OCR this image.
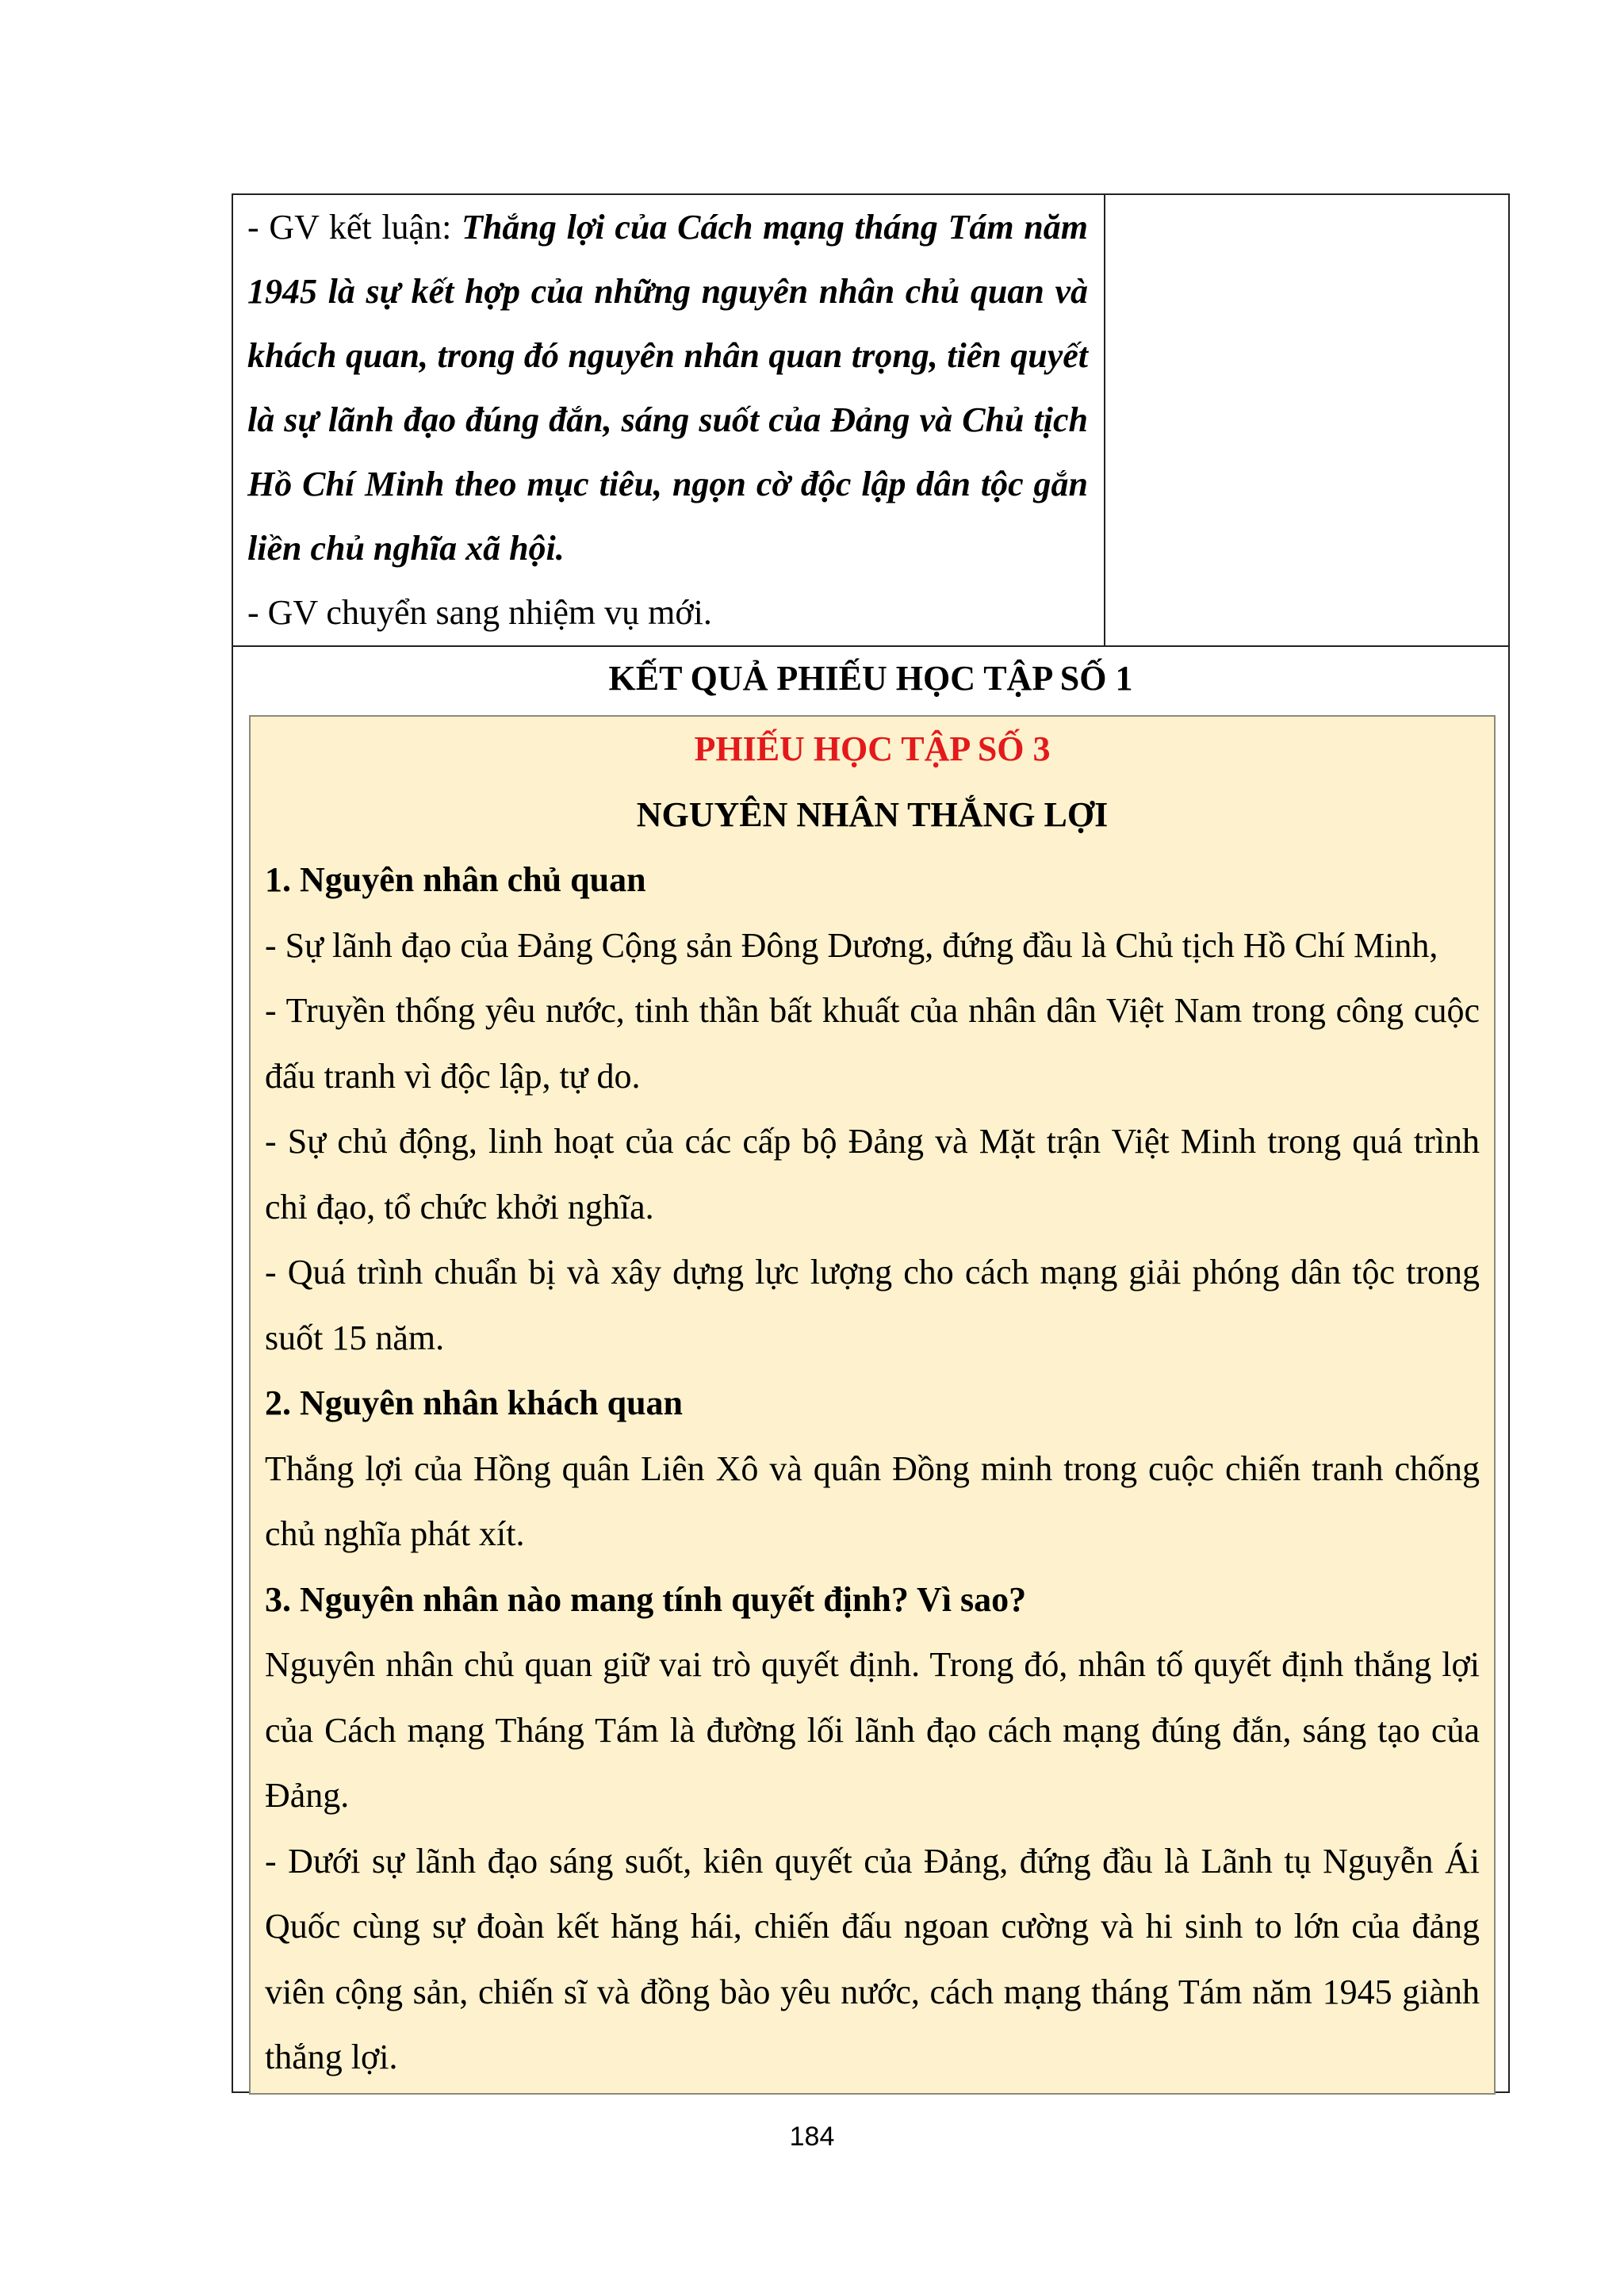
- GV kết luận: Thắng lợi của Cách mạng tháng Tám năm 1945 là sự kết hợp của những nguyên nhân chủ quan và khách quan, trong đó nguyên nhân quan trọng, tiên quyết là sự lãnh đạo đúng đắn, sáng suốt của Đảng và Chủ tịch Hồ Chí Minh theo mục tiêu, ngọn cờ độc lập dân tộc gắn liền chủ nghĩa xã hội.

- GV chuyển sang nhiệm vụ mới.

KẾT QUẢ PHIẾU HỌC TẬP SỐ 1

PHIẾU HỌC TẬP SỐ 3

NGUYÊN NHÂN THẮNG LỢI

1. Nguyên nhân chủ quan

- Sự lãnh đạo của Đảng Cộng sản Đông Dương, đứng đầu là Chủ tịch Hồ Chí Minh,

- Truyền thống yêu nước, tinh thần bất khuất của nhân dân Việt Nam trong công cuộc đấu tranh vì độc lập, tự do.

- Sự chủ động, linh hoạt của các cấp bộ Đảng và Mặt trận Việt Minh trong quá trình chỉ đạo, tổ chức khởi nghĩa.

- Quá trình chuẩn bị và xây dựng lực lượng cho cách mạng giải phóng dân tộc trong suốt 15 năm.

2. Nguyên nhân khách quan

Thắng lợi của Hồng quân Liên Xô và quân Đồng minh trong cuộc chiến tranh chống chủ nghĩa phát xít.

3. Nguyên nhân nào mang tính quyết định? Vì sao?

Nguyên nhân chủ quan giữ vai trò quyết định. Trong đó, nhân tố quyết định thắng lợi của Cách mạng Tháng Tám là đường lối lãnh đạo cách mạng đúng đắn, sáng tạo của Đảng.

- Dưới sự lãnh đạo sáng suốt, kiên quyết của Đảng, đứng đầu là Lãnh tụ Nguyễn Ái Quốc cùng sự đoàn kết hăng hái, chiến đấu ngoan cường và hi sinh to lớn của đảng viên cộng sản, chiến sĩ và đồng bào yêu nước, cách mạng tháng Tám năm 1945 giành thắng lợi.

184
